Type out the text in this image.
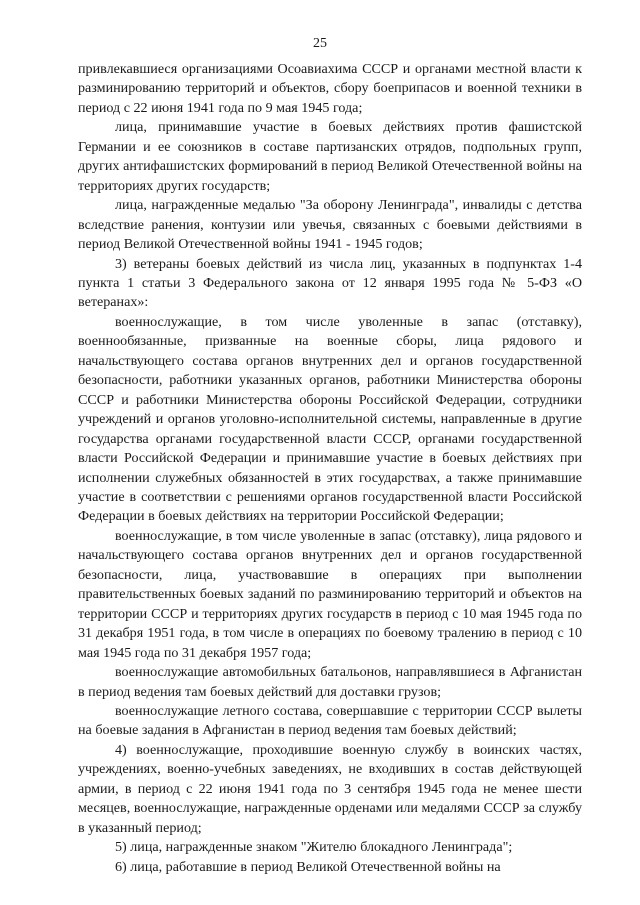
25

привлекавшиеся организациями Осоавиахима СССР и органами местной власти к разминированию территорий и объектов, сбору боеприпасов и военной техники в период с 22 июня 1941 года по 9 мая 1945 года;

лица, принимавшие участие в боевых действиях против фашистской Германии и ее союзников в составе партизанских отрядов, подпольных групп, других антифашистских формирований в период Великой Отечественной войны на территориях других государств;

лица, награжденные медалью "За оборону Ленинграда", инвалиды с детства вследствие ранения, контузии или увечья, связанных с боевыми действиями в период Великой Отечественной войны 1941 - 1945 годов;

3) ветераны боевых действий из числа лиц, указанных в подпунктах 1-4 пункта 1 статьи 3 Федерального закона от 12 января 1995 года № 5-ФЗ «О ветеранах»:

военнослужащие, в том числе уволенные в запас (отставку), военнообязанные, призванные на военные сборы, лица рядового и начальствующего состава органов внутренних дел и органов государственной безопасности, работники указанных органов, работники Министерства обороны СССР и работники Министерства обороны Российской Федерации, сотрудники учреждений и органов уголовно-исполнительной системы, направленные в другие государства органами государственной власти СССР, органами государственной власти Российской Федерации и принимавшие участие в боевых действиях при исполнении служебных обязанностей в этих государствах, а также принимавшие участие в соответствии с решениями органов государственной власти Российской Федерации в боевых действиях на территории Российской Федерации;

военнослужащие, в том числе уволенные в запас (отставку), лица рядового и начальствующего состава органов внутренних дел и органов государственной безопасности, лица, участвовавшие в операциях при выполнении правительственных боевых заданий по разминированию территорий и объектов на территории СССР и территориях других государств в период с 10 мая 1945 года по 31 декабря 1951 года, в том числе в операциях по боевому тралению в период с 10 мая 1945 года по 31 декабря 1957 года;

военнослужащие автомобильных батальонов, направлявшиеся в Афганистан в период ведения там боевых действий для доставки грузов;

военнослужащие летного состава, совершавшие с территории СССР вылеты на боевые задания в Афганистан в период ведения там боевых действий;

4) военнослужащие, проходившие военную службу в воинских частях, учреждениях, военно-учебных заведениях, не входивших в состав действующей армии, в период с 22 июня 1941 года по 3 сентября 1945 года не менее шести месяцев, военнослужащие, награжденные орденами или медалями СССР за службу в указанный период;

5) лица, награжденные знаком "Жителю блокадного Ленинграда";

6) лица, работавшие в период Великой Отечественной войны на
